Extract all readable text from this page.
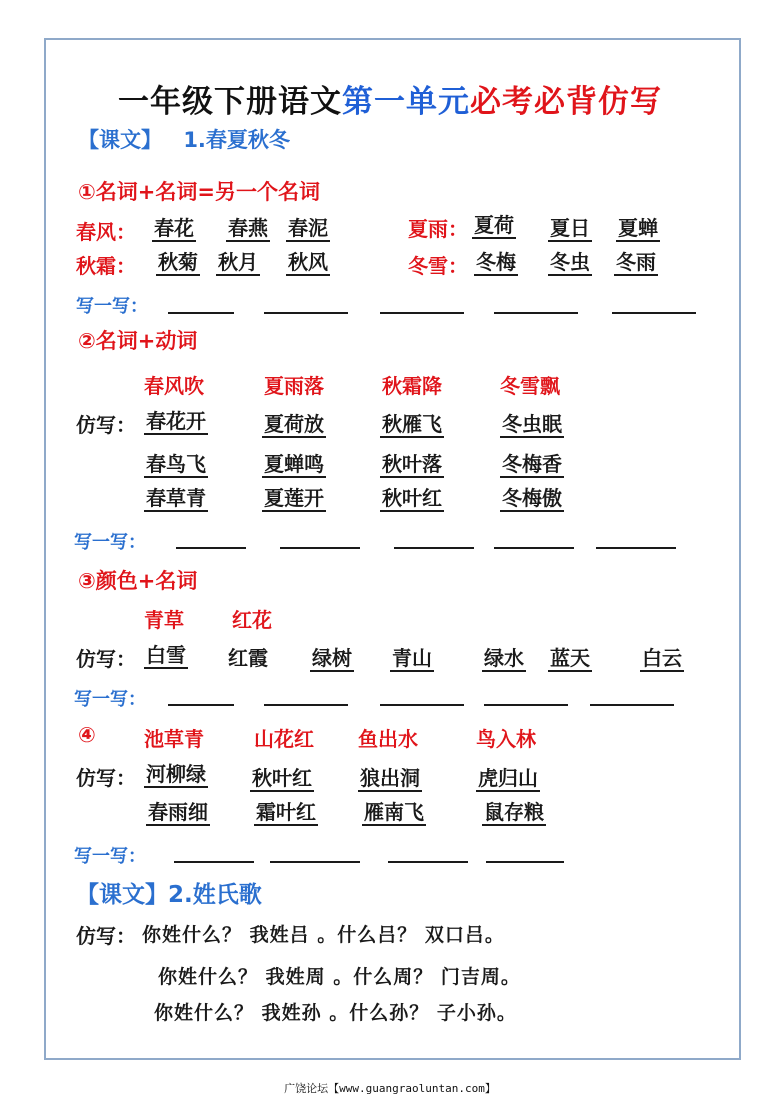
一年级下册语文第一单元必考必背仿写
【课文】 1.春夏秋冬
①名词+名词=另一个名词
春风： 春花 春燕 春泥	夏雨： 夏荷 夏日 夏蝉
秋霜： 秋菊 秋月 秋风	冬雪： 冬梅 冬虫 冬雨
写一写：
②名词+动词
春风吹	夏雨落	秋霜降	冬雪飘
仿写： 春花开	夏荷放	秋雁飞	冬虫眠
春鸟飞	夏蝉鸣	秋叶落	冬梅香
春草青	夏莲开	秋叶红	冬梅傲
写一写：
③颜色+名词
青草 红花
仿写： 白雪 红霞 绿树 青山	绿水 蓝天	白云
写一写：
④ 池草青	山花红 鱼出水	鸟入林
仿写： 河柳绿 秋叶红 狼出洞	虎归山
春雨细 霜叶红 雁南飞	鼠存粮
写一写：
【课文】2.姓氏歌
仿写： 你姓什么？ 我姓吕 。什么吕？ 双口吕。
你姓什么？ 我姓周 。什么周？ 门吉周。
你姓什么？ 我姓孙 。什么孙？ 子小孙。
广饶论坛【www.guangraoluntan.com】
